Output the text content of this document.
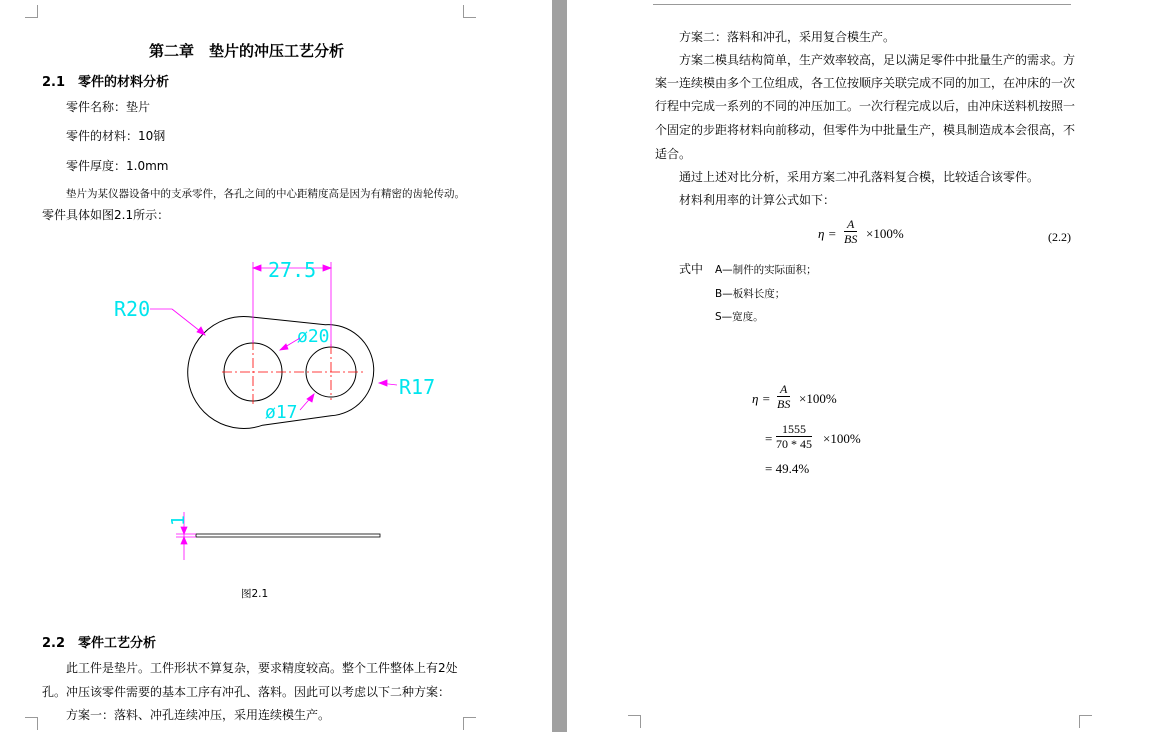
第二章　垫片的冲压工艺分析
2.1　零件的材料分析
零件名称：垫片
零件的材料：10钢
零件厚度：1.0mm
垫片为某仪器设备中的支承零件，各孔之间的中心距精度高是因为有精密的齿轮传动。
零件具体如图2.1所示：
27.5
R20
ø20
ø17
R17
1
图2.1
2.2　零件工艺分析
此工件是垫片。工件形状不算复杂，要求精度较高。整个工件整体上有2处
孔。冲压该零件需要的基本工序有冲孔、落料。因此可以考虑以下二种方案：
方案一：落料、冲孔连续冲压，采用连续模生产。
方案二：落料和冲孔，采用复合模生产。
方案二模具结构简单，生产效率较高，足以满足零件中批量生产的需求。方
案一连续模由多个工位组成，各工位按顺序关联完成不同的加工，在冲床的一次
行程中完成一系列的不同的冲压加工。一次行程完成以后，由冲床送料机按照一
个固定的步距将材料向前移动，但零件为中批量生产，模具制造成本会很高，不
适合。
通过上述对比分析，采用方案二冲孔落料复合模，比较适合该零件。
材料利用率的计算公式如下：
$\eta = \frac{A}{BS} \times 100\%$	(2.2)
式中 A—制件的实际面积；
B—板料长度；
S—宽度。
$\eta = \frac{A}{BS} \times 100\%$
= $\frac{1555}{70 * 45} \times 100\%$
= 49.4%
